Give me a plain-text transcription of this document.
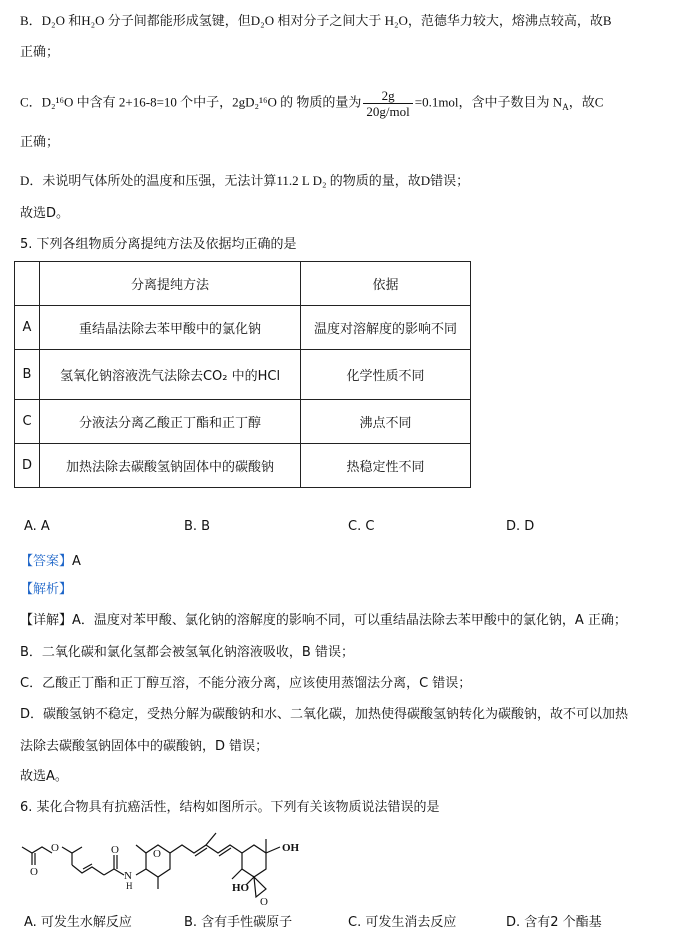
B．D₂O 和H₂O 分子间都能形成氢键，但D₂O 相对分子之间大于 H₂O，范德华力较大，熔沸点较高，故B
正确；
C．D₂¹⁶O 中含有 2+16-8=10 个中子，2gD₂¹⁶O 的 物质的量为 $\frac{2g}{\text{20g/mol}} =0.1mol$，含中子数目为 $N_A$，故C
正确；
D．未说明气体所处的温度和压强，无法计算11.2 L D₂ 的物质的量，故D错误；
故选D。
5. 下列各组物质分离提纯方法及依据均正确的是
	分离提纯方法	依据
A	重结晶法除去苯甲酸中的氯化钠	温度对溶解度的影响不同
B	氢氧化钠溶液洗气法除去CO₂ 中的HCl	化学性质不同
C	分液法分离乙酸正丁酯和正丁醇	沸点不同
D	加热法除去碳酸氢钠固体中的碳酸钠	热稳定性不同
A. A	B. B	C. C	D. D
【答案】A
【解析】
【详解】A．温度对苯甲酸、氯化钠的溶解度的影响不同，可以重结晶法除去苯甲酸中的氯化钠，A 正确；
B．二氧化碳和氯化氢都会被氢氧化钠溶液吸收，B 错误；
C．乙酸正丁酯和正丁醇互溶，不能分液分离，应该使用蒸馏法分离，C 错误；
D．碳酸氢钠不稳定，受热分解为碳酸钠和水、二氧化碳，加热使得碳酸氢钠转化为碳酸钠，故不可以加热
法除去碳酸氢钠固体中的碳酸钠，D 错误；
故选A。
6. 某化合物具有抗癌活性，结构如图所示。下列有关该物质说法错误的是
O
O
O
N
H
O	OH
HO
O
A. 可发生水解反应	B. 含有手性碳原子	C. 可发生消去反应	D. 含有2 个酯基
